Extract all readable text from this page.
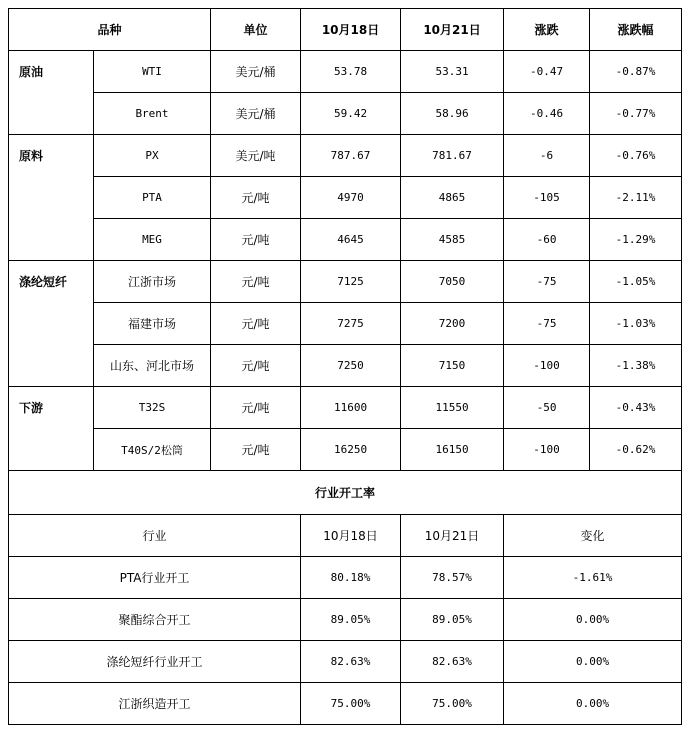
品种		单位	10月18日	10月21日	涨跌	涨跌幅
原油	WTI	美元/桶	53.78	53.31	-0.47	-0.87%
	Brent	美元/桶	59.42	58.96	-0.46	-0.77%
原料	PX	美元/吨	787.67	781.67	-6	-0.76%
	PTA	元/吨	4970	4865	-105	-2.11%
	MEG	元/吨	4645	4585	-60	-1.29%
涤纶短纤	江浙市场	元/吨	7125	7050	-75	-1.05%
	福建市场	元/吨	7275	7200	-75	-1.03%
	山东、河北市场	元/吨	7250	7150	-100	-1.38%
下游	T32S	元/吨	11600	11550	-50	-0.43%
	T40S/2松筒	元/吨	16250	16150	-100	-0.62%
行业开工率						
行业			10月18日	10月21日	变化	
PTA行业开工			80.18%	78.57%	-1.61%	
聚酯综合开工			89.05%	89.05%	0.00%	
涤纶短纤行业开工			82.63%	82.63%	0.00%	
江浙织造开工			75.00%	75.00%	0.00%	
